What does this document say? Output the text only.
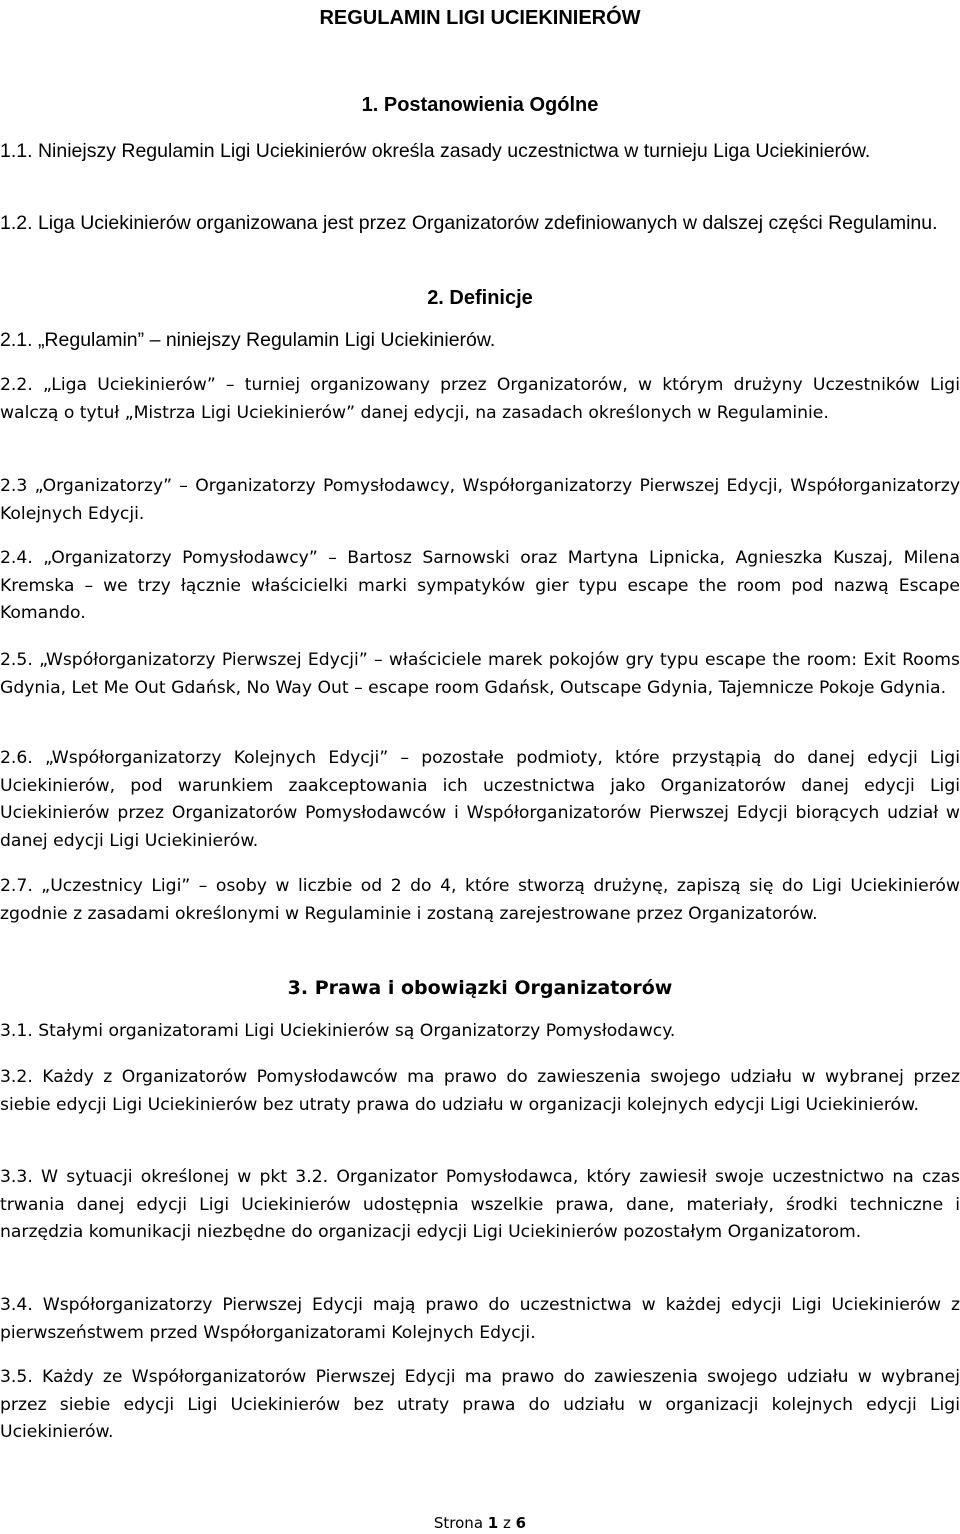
REGULAMIN LIGI UCIEKINIERÓW
1. Postanowienia Ogólne

1.1. Niniejszy Regulamin Ligi Uciekinierów określa zasady uczestnictwa w turnieju Liga Uciekinierów.

1.2. Liga Uciekinierów organizowana jest przez Organizatorów zdefiniowanych w dalszej części Regulaminu.

2. Definicje

2.1. „Regulamin” – niniejszy Regulamin Ligi Uciekinierów.

2.2. „Liga Uciekinierów” – turniej organizowany przez Organizatorów, w którym drużyny Uczestników Ligi walczą o tytuł „Mistrza Ligi Uciekinierów” danej edycji, na zasadach określonych w Regulaminie.

2.3 „Organizatorzy” – Organizatorzy Pomysłodawcy, Współorganizatorzy Pierwszej Edycji, Współorganizatorzy Kolejnych Edycji.

2.4. „Organizatorzy Pomysłodawcy” – Bartosz Sarnowski oraz Martyna Lipnicka, Agnieszka Kuszaj, Milena Kremska – we trzy łącznie właścicielki marki sympatyków gier typu escape the room pod nazwą Escape Komando.

2.5. „Współorganizatorzy Pierwszej Edycji” – właściciele marek pokojów gry typu escape the room: Exit Rooms Gdynia, Let Me Out Gdańsk, No Way Out – escape room Gdańsk, Outscape Gdynia, Tajemnicze Pokoje Gdynia.

2.6. „Współorganizatorzy Kolejnych Edycji” – pozostałe podmioty, które przystąpią do danej edycji Ligi Uciekinierów, pod warunkiem zaakceptowania ich uczestnictwa jako Organizatorów danej edycji Ligi Uciekinierów przez Organizatorów Pomysłodawców i Współorganizatorów Pierwszej Edycji biorących udział w danej edycji Ligi Uciekinierów.

2.7. „Uczestnicy Ligi” – osoby w liczbie od 2 do 4, które stworzą drużynę, zapiszą się do Ligi Uciekinierów zgodnie z zasadami określonymi w Regulaminie i zostaną zarejestrowane przez Organizatorów.

3. Prawa i obowiązki Organizatorów

3.1. Stałymi organizatorami Ligi Uciekinierów są Organizatorzy Pomysłodawcy.

3.2. Każdy z Organizatorów Pomysłodawców ma prawo do zawieszenia swojego udziału w wybranej przez siebie edycji Ligi Uciekinierów bez utraty prawa do udziału w organizacji kolejnych edycji Ligi Uciekinierów.

3.3. W sytuacji określonej w pkt 3.2. Organizator Pomysłodawca, który zawiesił swoje uczestnictwo na czas trwania danej edycji Ligi Uciekinierów udostępnia wszelkie prawa, dane, materiały, środki techniczne i narzędzia komunikacji niezbędne do organizacji edycji Ligi Uciekinierów pozostałym Organizatorom.

3.4. Współorganizatorzy Pierwszej Edycji mają prawo do uczestnictwa w każdej edycji Ligi Uciekinierów z pierwszeństwem przed Współorganizatorami Kolejnych Edycji.

3.5. Każdy ze Współorganizatorów Pierwszej Edycji ma prawo do zawieszenia swojego udziału w wybranej przez siebie edycji Ligi Uciekinierów bez utraty prawa do udziału w organizacji kolejnych edycji Ligi Uciekinierów.

Strona 1 z 6
